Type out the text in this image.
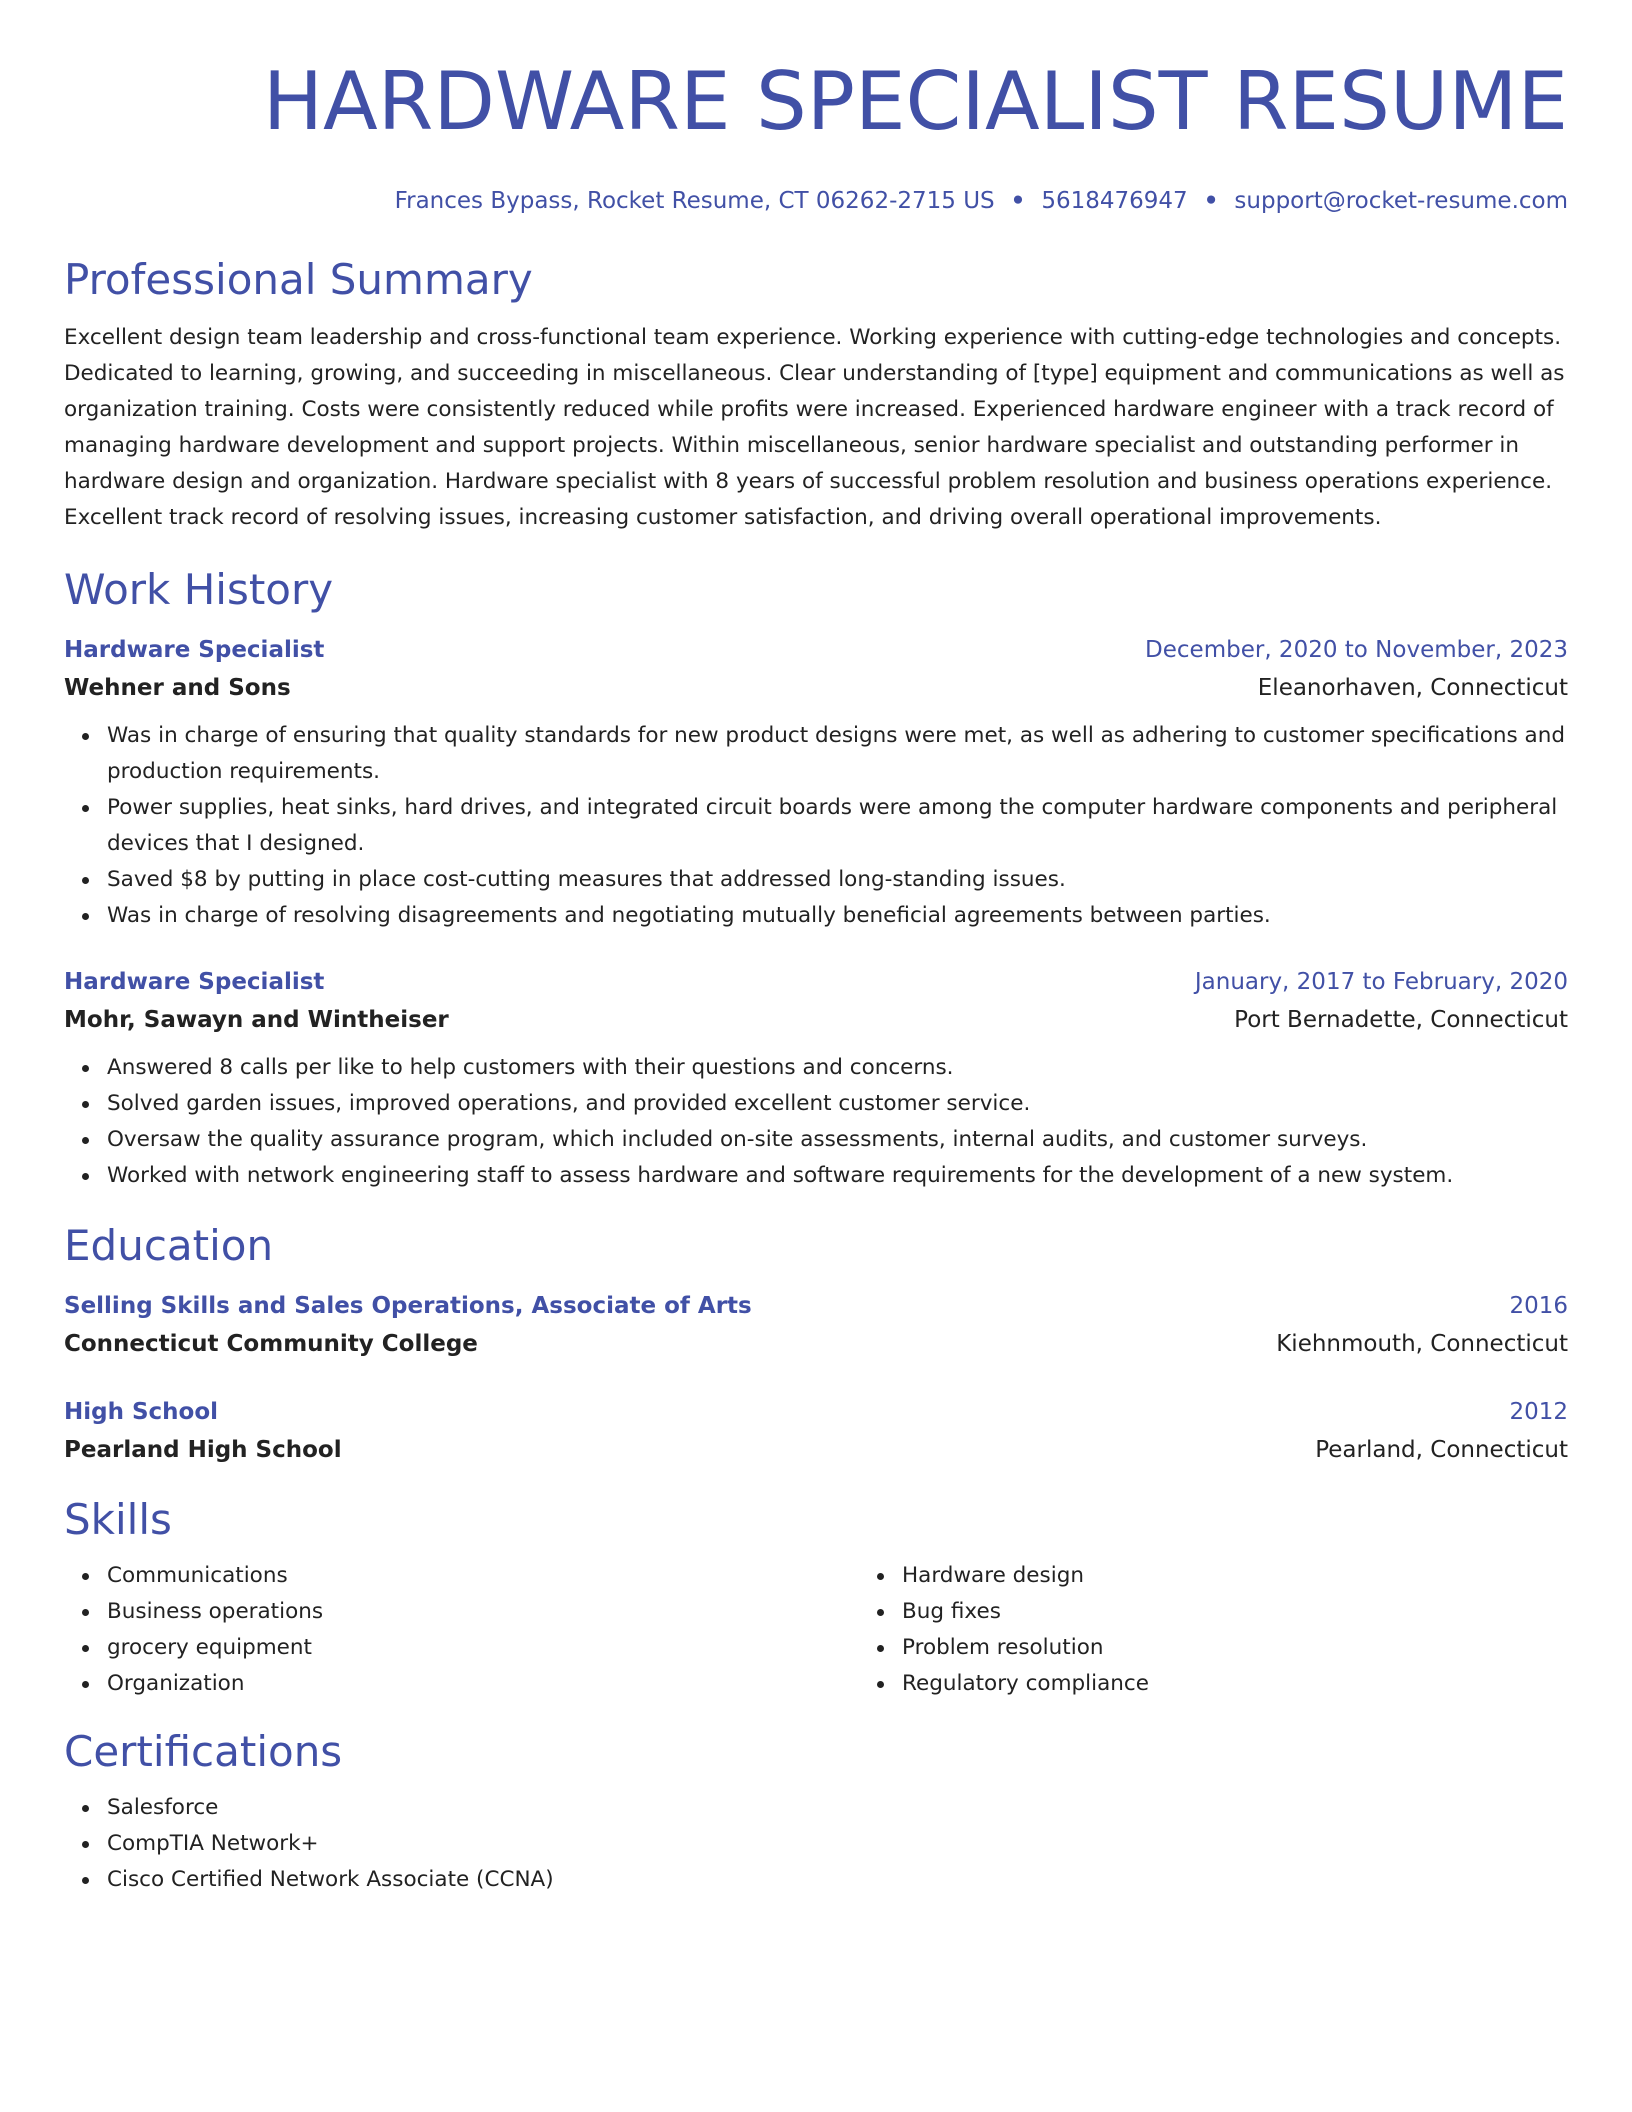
HARDWARE SPECIALIST RESUME
Frances Bypass, Rocket Resume, CT 06262-2715 US • 5618476947 • support@rocket-resume.com
Professional Summary

Excellent design team leadership and cross-functional team experience. Working experience with cutting-edge technologies and concepts. Dedicated to learning, growing, and succeeding in miscellaneous. Clear understanding of [type] equipment and communications as well as organization training. Costs were consistently reduced while profits were increased. Experienced hardware engineer with a track record of managing hardware development and support projects. Within miscellaneous, senior hardware specialist and outstanding performer in hardware design and organization. Hardware specialist with 8 years of successful problem resolution and business operations experience. Excellent track record of resolving issues, increasing customer satisfaction, and driving overall operational improvements.

Work History
Hardware Specialist	December, 2020 to November, 2023
Wehner and Sons	Eleanorhaven, Connecticut
Was in charge of ensuring that quality standards for new product designs were met, as well as adhering to customer specifications and production requirements.
Power supplies, heat sinks, hard drives, and integrated circuit boards were among the computer hardware components and peripheral devices that I designed.
Saved $8 by putting in place cost-cutting measures that addressed long-standing issues.
Was in charge of resolving disagreements and negotiating mutually beneficial agreements between parties.
Hardware Specialist	January, 2017 to February, 2020
Mohr, Sawayn and Wintheiser	Port Bernadette, Connecticut
Answered 8 calls per like to help customers with their questions and concerns.
Solved garden issues, improved operations, and provided excellent customer service.
Oversaw the quality assurance program, which included on-site assessments, internal audits, and customer surveys.
Worked with network engineering staff to assess hardware and software requirements for the development of a new system.
Education
Selling Skills and Sales Operations, Associate of Arts	2016
Connecticut Community College	Kiehnmouth, Connecticut
High School	2012
Pearland High School	Pearland, Connecticut
Skills
Communications
Business operations
grocery equipment
Organization
Hardware design
Bug fixes
Problem resolution
Regulatory compliance
Certifications
Salesforce
CompTIA Network+
Cisco Certified Network Associate (CCNA)
